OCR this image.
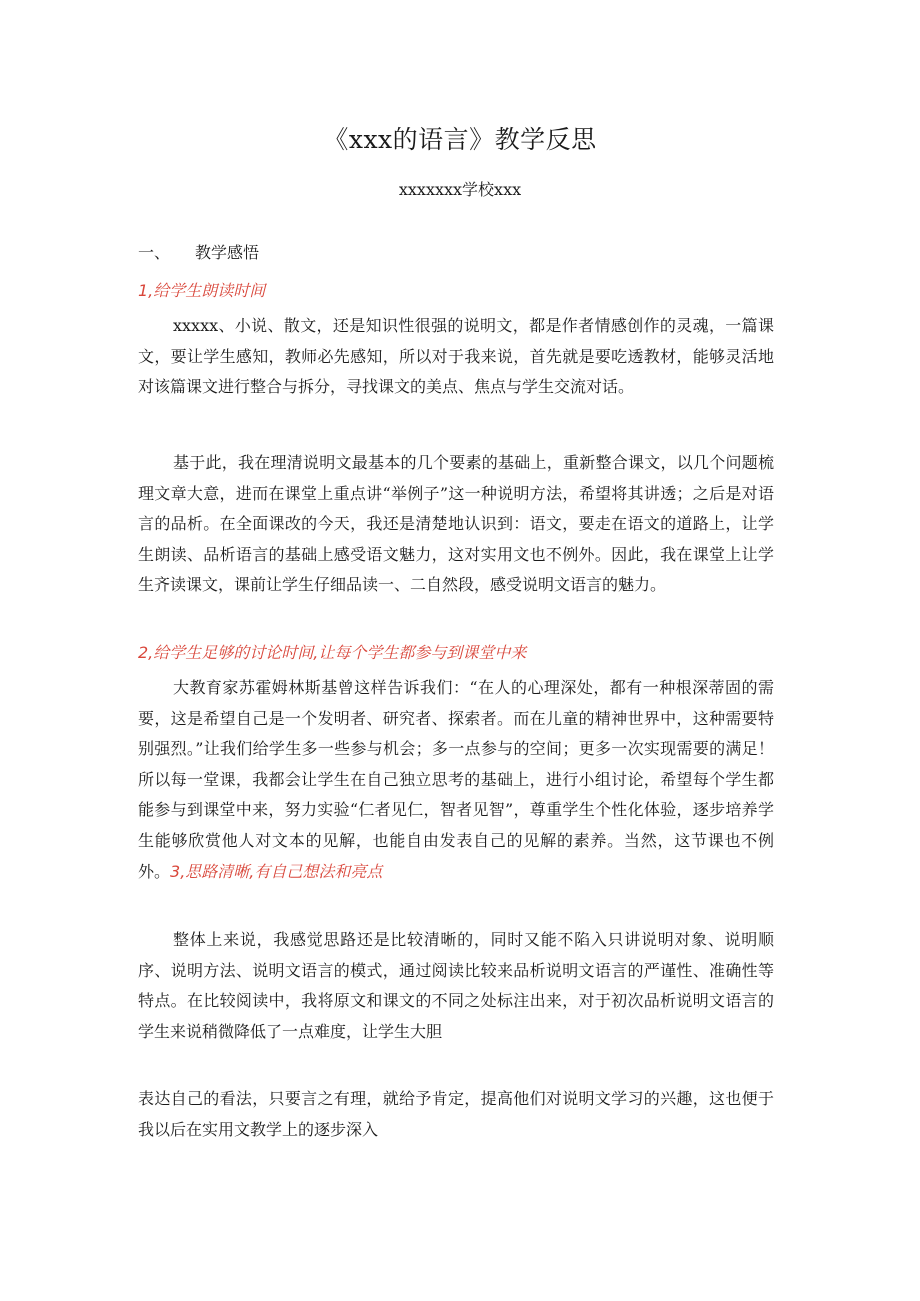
《xxx的语言》教学反思
xxxxxxx学校xxx
一、 教学感悟
1,给学生朗读时间
xxxxx、小说、散文，还是知识性很强的说明文，都是作者情感创作的灵魂，一篇课文，要让学生感知，教师必先感知，所以对于我来说，首先就是要吃透教材，能够灵活地对该篇课文进行整合与拆分，寻找课文的美点、焦点与学生交流对话。
基于此，我在理清说明文最基本的几个要素的基础上，重新整合课文，以几个问题梳理文章大意，进而在课堂上重点讲“举例子”这一种说明方法，希望将其讲透；之后是对语言的品析。在全面课改的今天，我还是清楚地认识到：语文，要走在语文的道路上，让学生朗读、品析语言的基础上感受语文魅力，这对实用文也不例外。因此，我在课堂上让学生齐读课文，课前让学生仔细品读一、二自然段，感受说明文语言的魅力。
2,给学生足够的讨论时间,让每个学生都参与到课堂中来
大教育家苏霍姆林斯基曾这样告诉我们：“在人的心理深处，都有一种根深蒂固的需要，这是希望自己是一个发明者、研究者、探索者。而在儿童的精神世界中，这种需要特别强烈。”让我们给学生多一些参与机会；多一点参与的空间；更多一次实现需要的满足！所以每一堂课，我都会让学生在自己独立思考的基础上，进行小组讨论，希望每个学生都能参与到课堂中来，努力实验“仁者见仁，智者见智”，尊重学生个性化体验，逐步培养学生能够欣赏他人对文本的见解，也能自由发表自己的见解的素养。当然，这节课也不例外。3,思路清晰,有自己想法和亮点
整体上来说，我感觉思路还是比较清晰的，同时又能不陷入只讲说明对象、说明顺序、说明方法、说明文语言的模式，通过阅读比较来品析说明文语言的严谨性、准确性等特点。在比较阅读中，我将原文和课文的不同之处标注出来，对于初次品析说明文语言的学生来说稍微降低了一点难度，让学生大胆
表达自己的看法，只要言之有理，就给予肯定，提高他们对说明文学习的兴趣，这也便于我以后在实用文教学上的逐步深入
